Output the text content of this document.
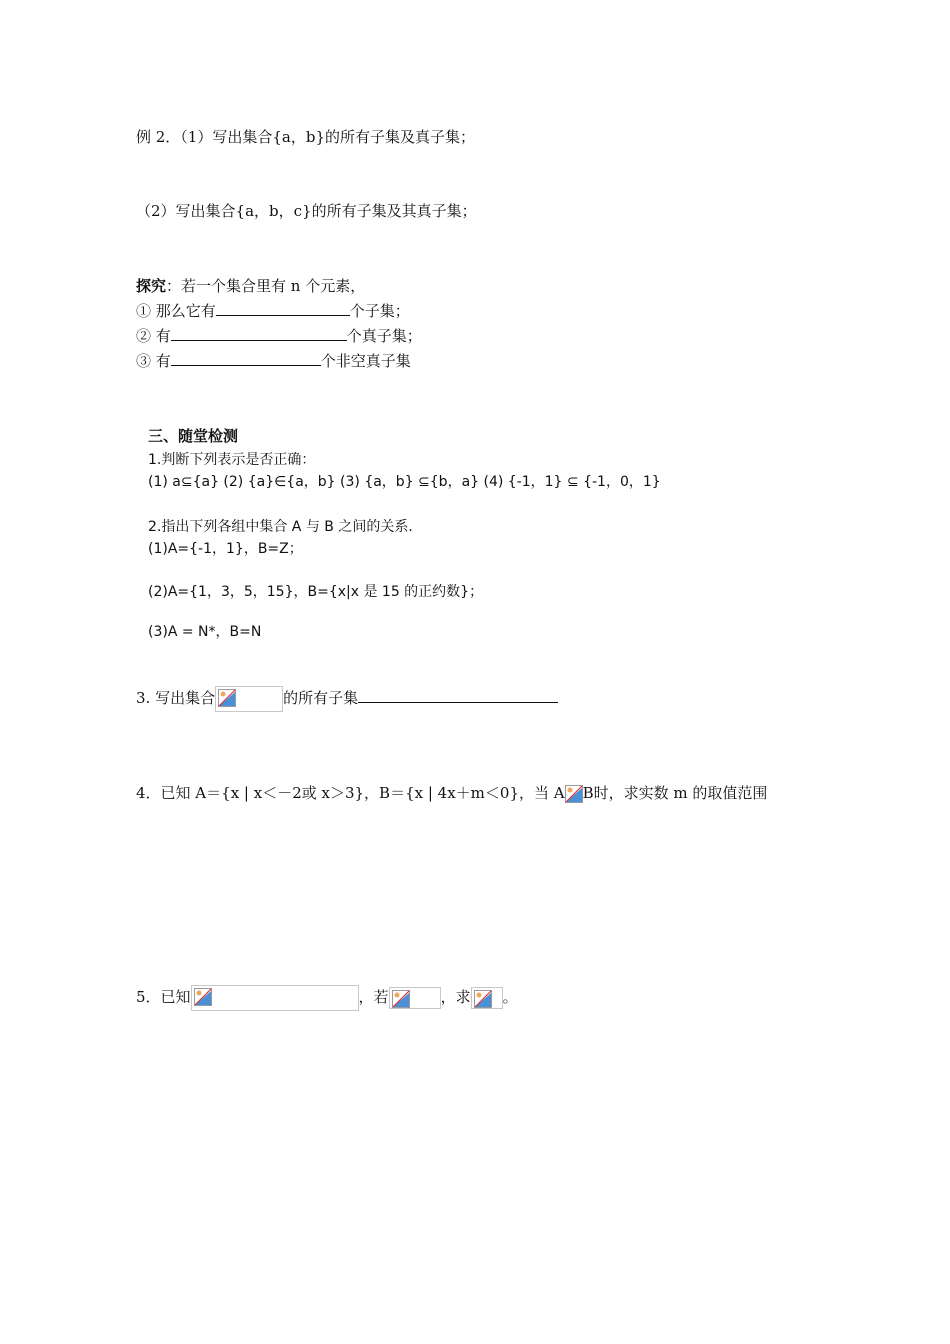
例 2．（1）写出集合{a，b}的所有子集及真子集；
（2）写出集合{a，b，c}的所有子集及其真子集；
探究：若一个集合里有 n 个元素，
① 那么它有	个子集；
② 有	个真子集；
③ 有	个非空真子集
三、随堂检测
1.判断下列表示是否正确：
(1) a⊆{a} (2) {a}∈{a，b} (3) {a，b} ⊆{b，a} (4) {-1，1} ⊆ {-1，0，1}
2.指出下列各组中集合 A 与 B 之间的关系．
(1)A={-1，1}，B=Z；
(2)A={1，3，5，15}，B={x|x 是 15 的正约数}；
(3)A = N*，B=N
3. 写出集合	的所有子集
4．已知 A＝{x | x＜－2或 x＞3}，B＝{x | 4x＋m＜0}，当 A B时，求实数 m 的取值范围
5．已知	，若	，求 。
